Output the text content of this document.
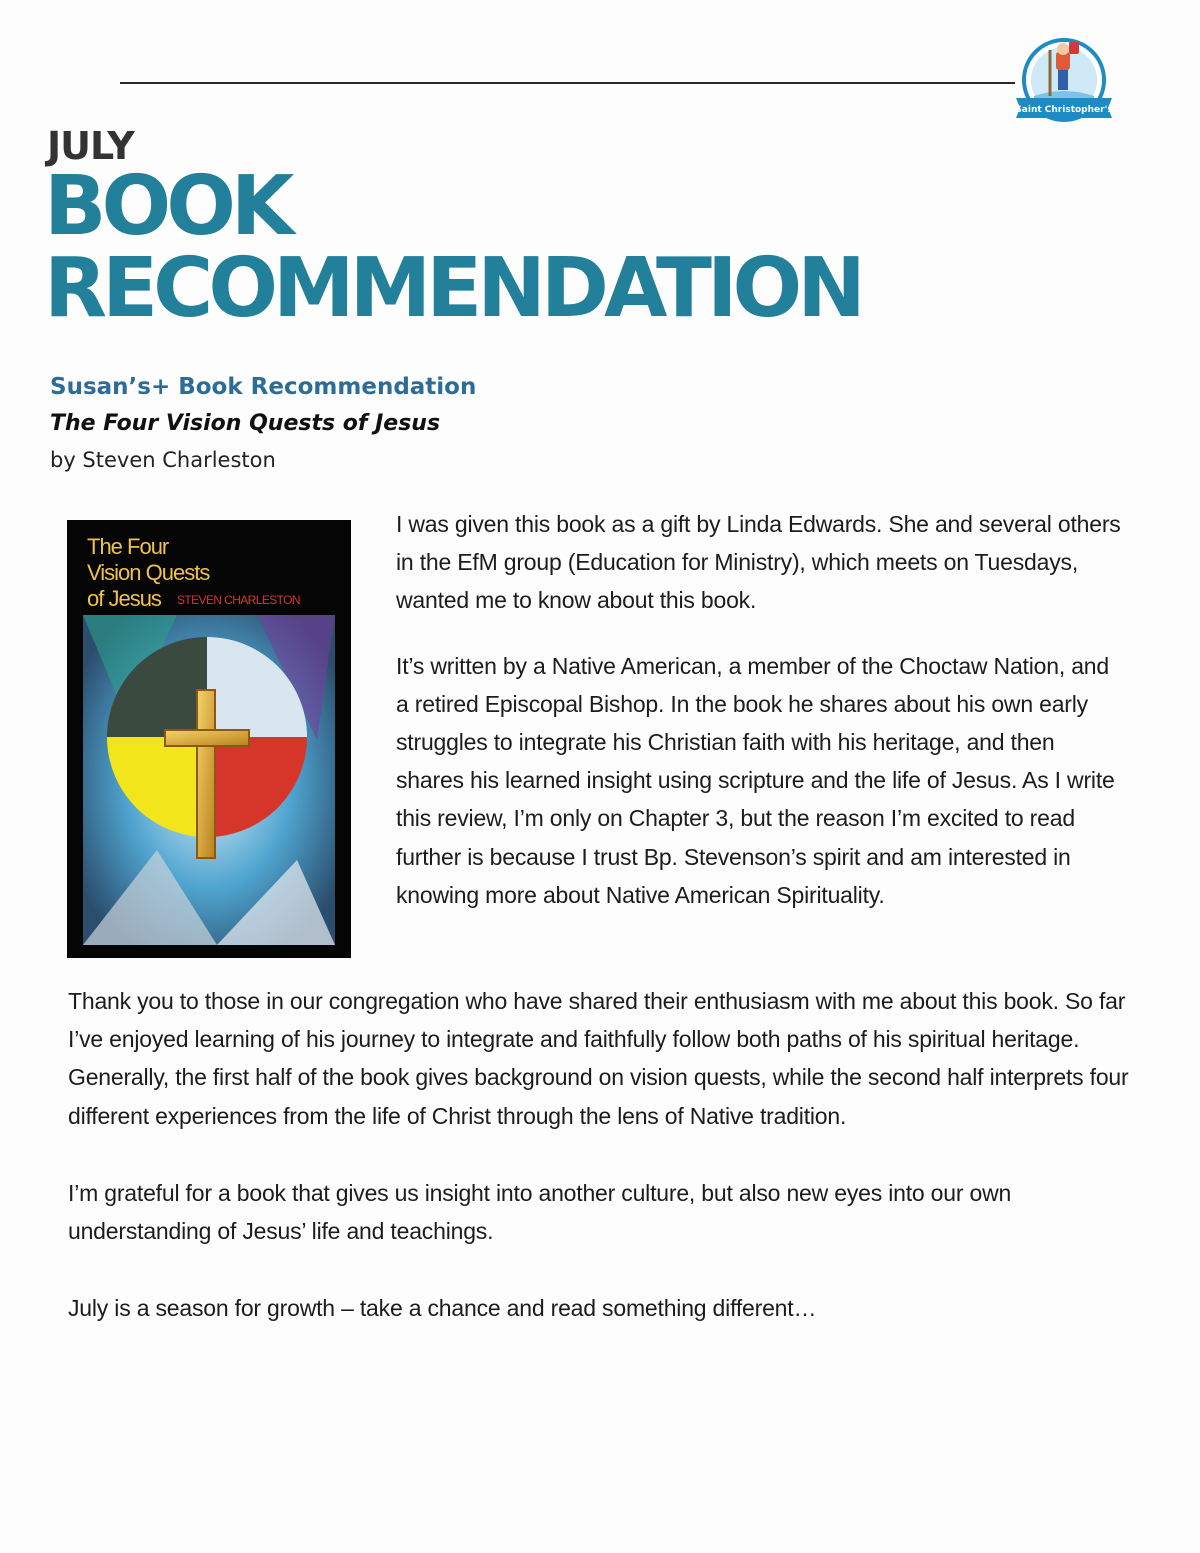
Saint Christopher's
JULY
BOOK
RECOMMENDATION
Susan’s+ Book Recommendation
The Four Vision Quests of Jesus
by Steven Charleston
The Four
Vision Quests
of Jesus STEVEN CHARLESTON

I was given this book as a gift by Linda Edwards. She and several others in the EfM group (Education for Ministry), which meets on Tuesdays, wanted me to know about this book.

It’s written by a Native American, a member of the Choctaw Nation, and a retired Episcopal Bishop. In the book he shares about his own early struggles to integrate his Christian faith with his heritage, and then shares his learned insight using scripture and the life of Jesus. As I write this review, I’m only on Chapter 3, but the reason I’m excited to read further is because I trust Bp. Stevenson’s spirit and am interested in knowing more about Native American Spirituality.

Thank you to those in our congregation who have shared their enthusiasm with me about this book. So far I’ve enjoyed learning of his journey to integrate and faithfully follow both paths of his spiritual heritage. Generally, the first half of the book gives background on vision quests, while the second half interprets four different experiences from the life of Christ through the lens of Native tradition.

I’m grateful for a book that gives us insight into another culture, but also new eyes into our own understanding of Jesus’ life and teachings.

July is a season for growth – take a chance and read something different…
